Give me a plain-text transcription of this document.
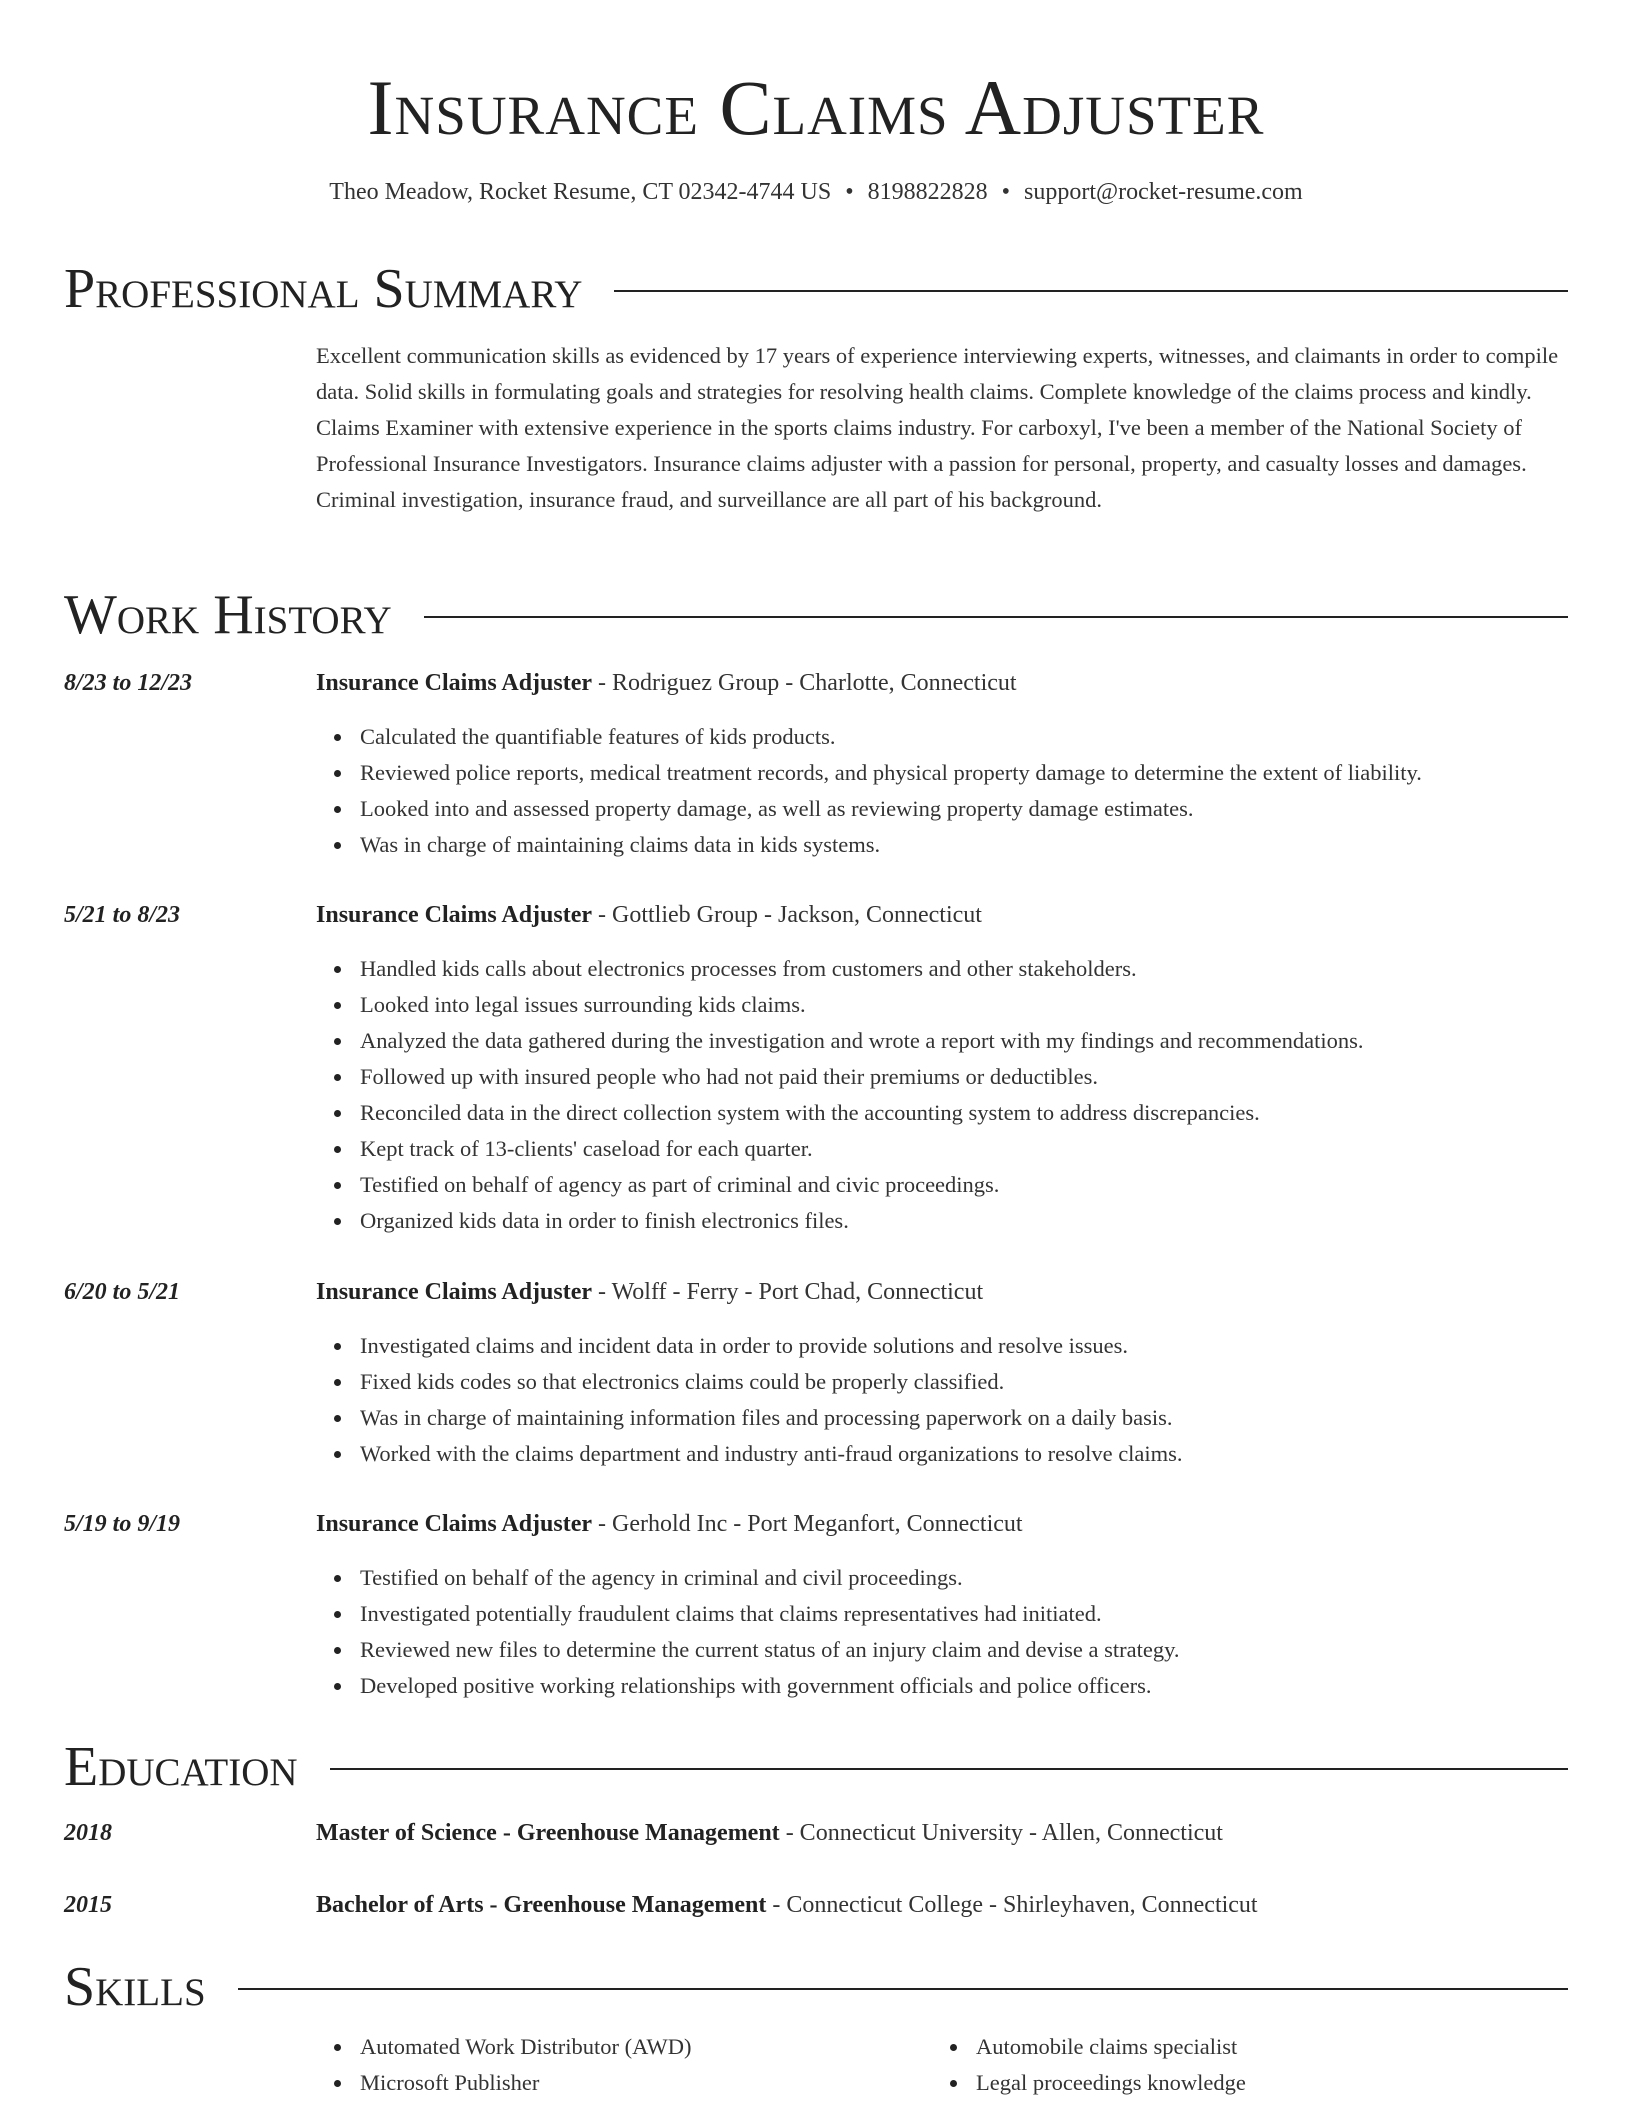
Insurance Claims Adjuster
Theo Meadow, Rocket Resume, CT 02342-4744 US • 8198822828 • support@rocket-resume.com
Professional Summary

Excellent communication skills as evidenced by 17 years of experience interviewing experts, witnesses, and claimants in order to compile data. Solid skills in formulating goals and strategies for resolving health claims. Complete knowledge of the claims process and kindly. Claims Examiner with extensive experience in the sports claims industry. For carboxyl, I've been a member of the National Society of Professional Insurance Investigators. Insurance claims adjuster with a passion for personal, property, and casualty losses and damages. Criminal investigation, insurance fraud, and surveillance are all part of his background.

Work History
8/23 to 12/23	Insurance Claims Adjuster - Rodriguez Group - Charlotte, Connecticut
Calculated the quantifiable features of kids products.
Reviewed police reports, medical treatment records, and physical property damage to determine the extent of liability.
Looked into and assessed property damage, as well as reviewing property damage estimates.
Was in charge of maintaining claims data in kids systems.
5/21 to 8/23	Insurance Claims Adjuster - Gottlieb Group - Jackson, Connecticut
Handled kids calls about electronics processes from customers and other stakeholders.
Looked into legal issues surrounding kids claims.
Analyzed the data gathered during the investigation and wrote a report with my findings and recommendations.
Followed up with insured people who had not paid their premiums or deductibles.
Reconciled data in the direct collection system with the accounting system to address discrepancies.
Kept track of 13-clients' caseload for each quarter.
Testified on behalf of agency as part of criminal and civic proceedings.
Organized kids data in order to finish electronics files.
6/20 to 5/21	Insurance Claims Adjuster - Wolff - Ferry - Port Chad, Connecticut
Investigated claims and incident data in order to provide solutions and resolve issues.
Fixed kids codes so that electronics claims could be properly classified.
Was in charge of maintaining information files and processing paperwork on a daily basis.
Worked with the claims department and industry anti-fraud organizations to resolve claims.
5/19 to 9/19	Insurance Claims Adjuster - Gerhold Inc - Port Meganfort, Connecticut
Testified on behalf of the agency in criminal and civil proceedings.
Investigated potentially fraudulent claims that claims representatives had initiated.
Reviewed new files to determine the current status of an injury claim and devise a strategy.
Developed positive working relationships with government officials and police officers.
Education
2018	Master of Science - Greenhouse Management - Connecticut University - Allen, Connecticut
2015	Bachelor of Arts - Greenhouse Management - Connecticut College - Shirleyhaven, Connecticut
Skills
Automated Work Distributor (AWD)
Microsoft Publisher
Automobile claims specialist
Legal proceedings knowledge
